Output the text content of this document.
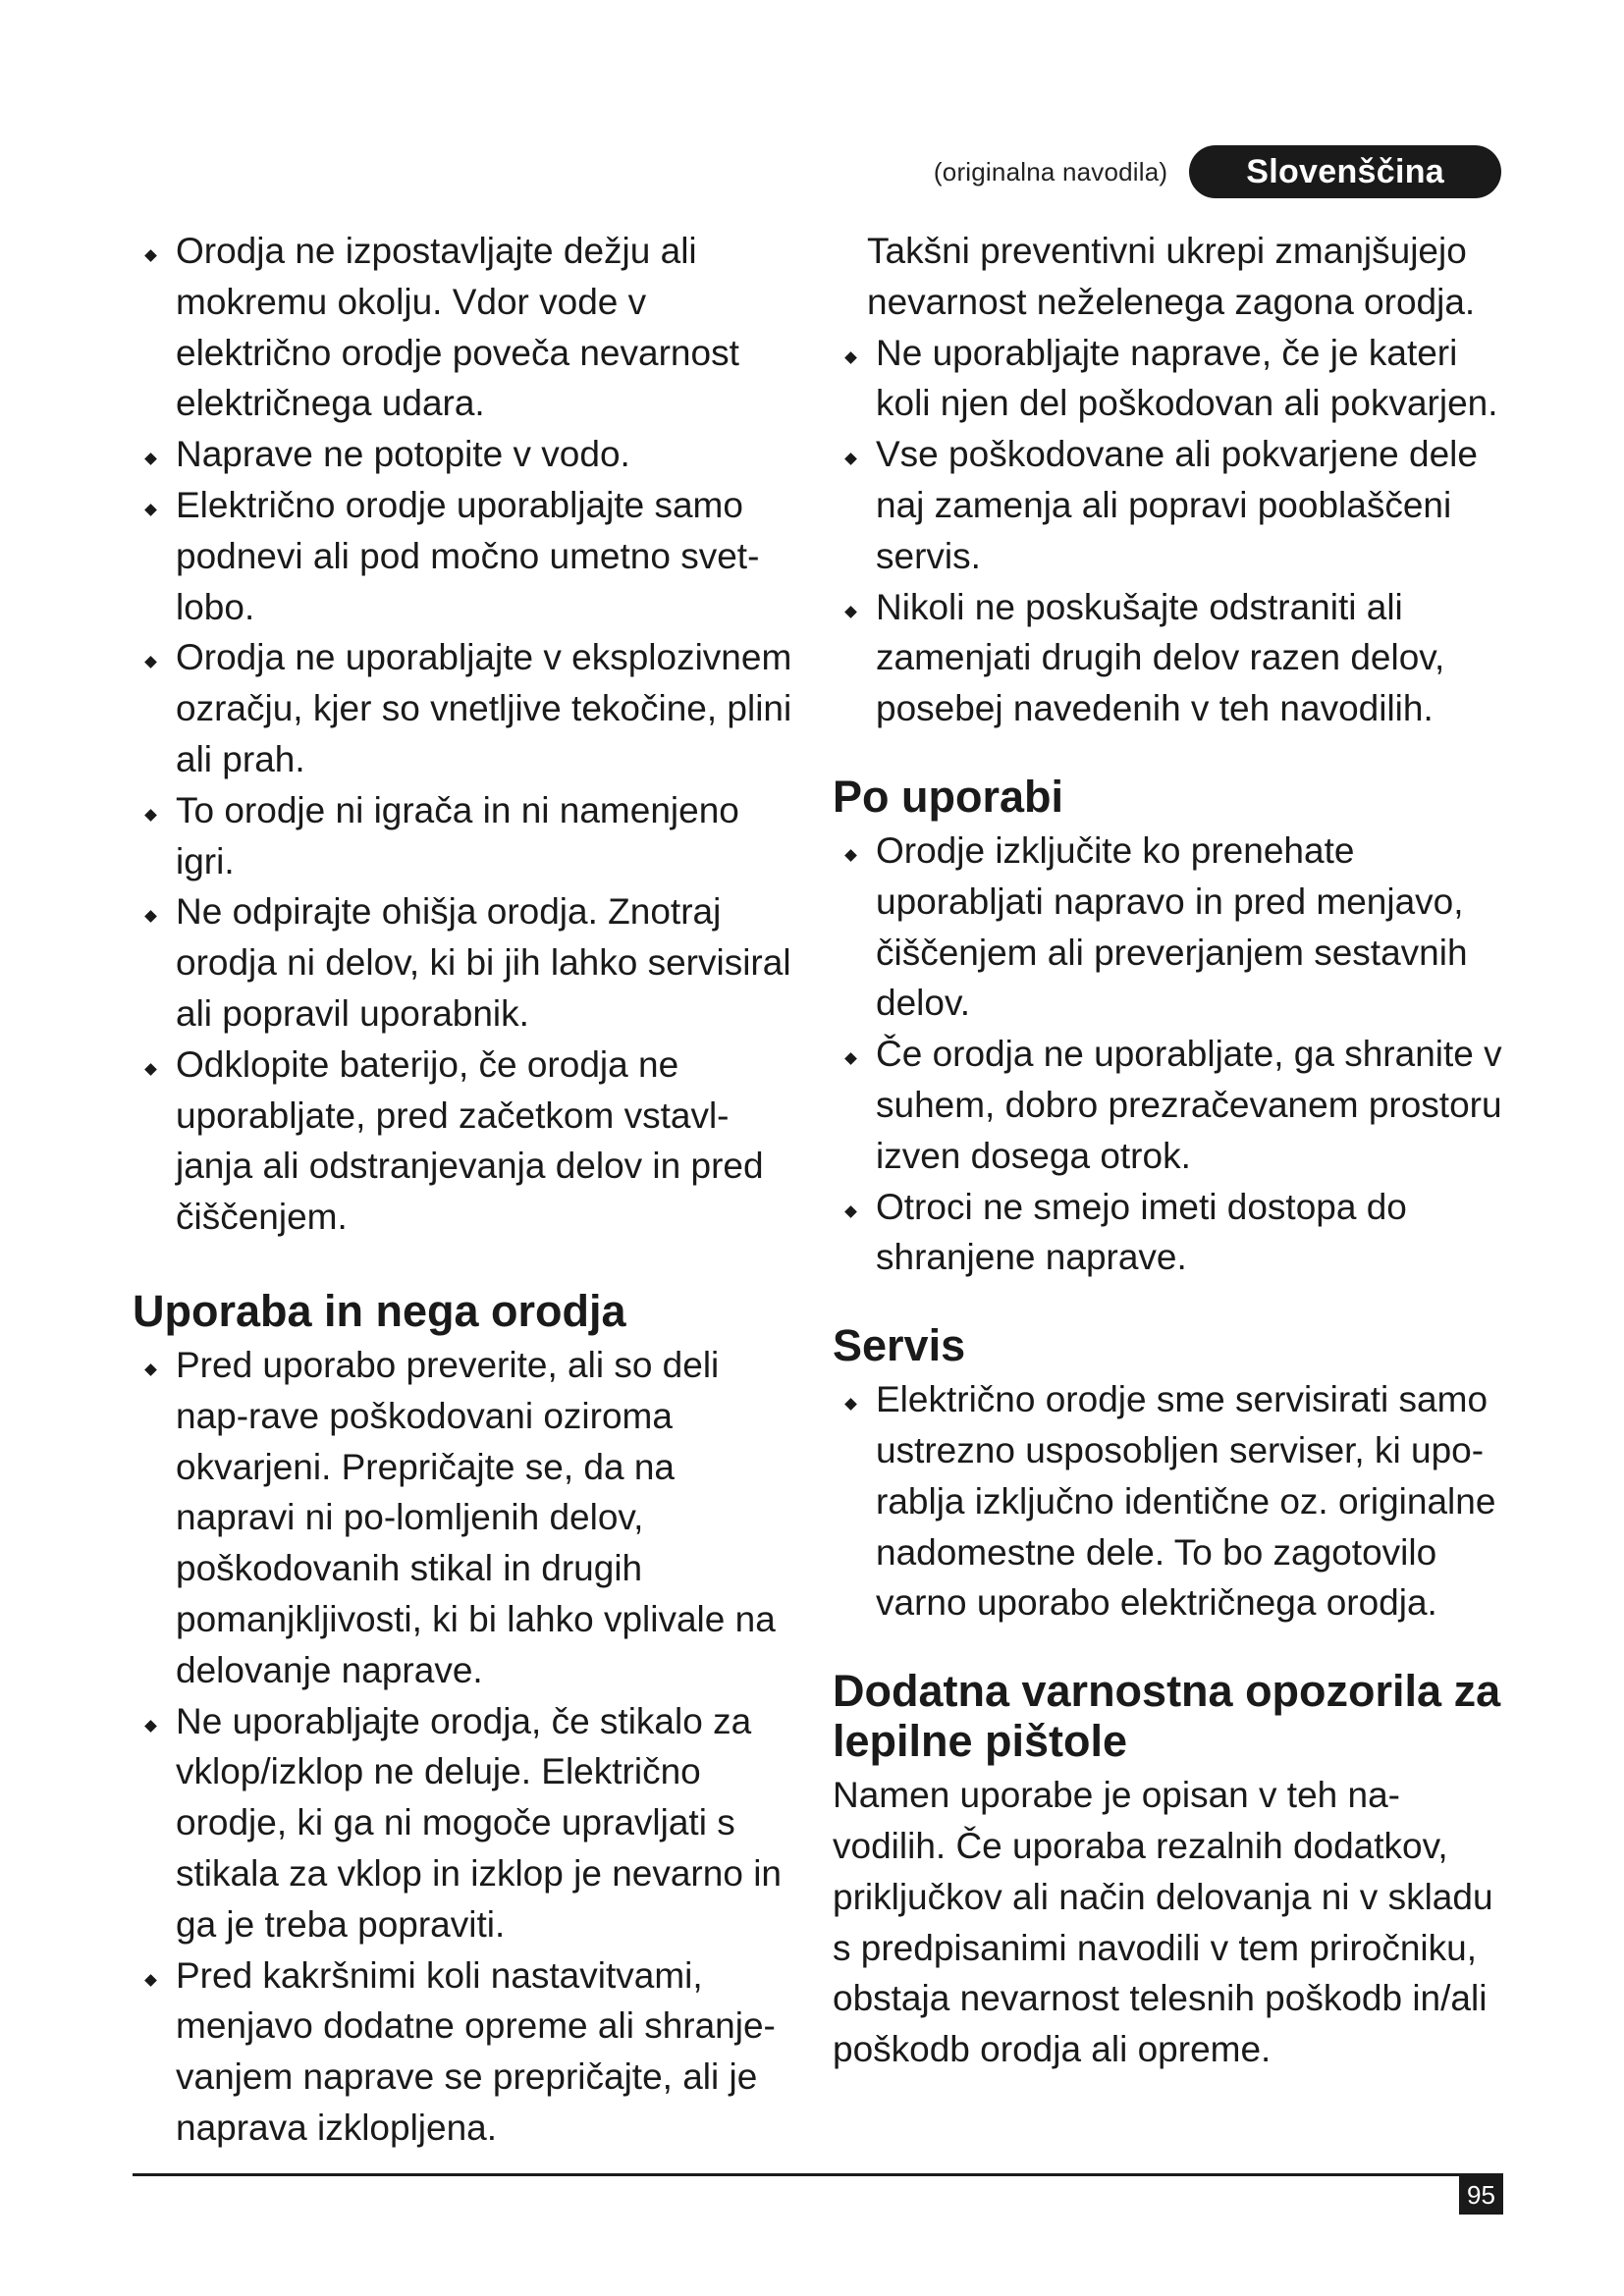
(originalna navodila)	Slovenščina

Orodja ne izpostavljajte dežju ali mokremu okolju. Vdor vode v električno orodje poveča nevarnost električnega udara.

Naprave ne potopite v vodo.

Električno orodje uporabljajte samo podnevi ali pod močno umetno svet-lobo.

Orodja ne uporabljajte v eksplozivnem ozračju, kjer so vnetljive tekočine, plini ali prah.

To orodje ni igrača in ni namenjeno igri.

Ne odpirajte ohišja orodja. Znotraj orodja ni delov, ki bi jih lahko servisiral ali popravil uporabnik.

Odklopite baterijo, če orodja ne uporabljate, pred začetkom vstavl-janja ali odstranjevanja delov in pred čiščenjem.

Uporaba in nega orodja

Pred uporabo preverite, ali so deli nap-rave poškodovani oziroma okvarjeni. Prepričajte se, da na napravi ni po-lomljenih delov, poškodovanih stikal in drugih pomanjkljivosti, ki bi lahko vplivale na delovanje naprave.

Ne uporabljajte orodja, če stikalo za vklop/izklop ne deluje. Električno orodje, ki ga ni mogoče upravljati s stikala za vklop in izklop je nevarno in ga je treba popraviti.

Pred kakršnimi koli nastavitvami, menjavo dodatne opreme ali shranje-vanjem naprave se prepričajte, ali je naprava izklopljena.

Takšni preventivni ukrepi zmanjšujejo nevarnost neželenega zagona orodja.

Ne uporabljajte naprave, če je kateri koli njen del poškodovan ali pokvarjen.

Vse poškodovane ali pokvarjene dele naj zamenja ali popravi pooblaščeni servis.

Nikoli ne poskušajte odstraniti ali zamenjati drugih delov razen delov, posebej navedenih v teh navodilih.

Po uporabi

Orodje izključite ko prenehate uporabljati napravo in pred menjavo, čiščenjem ali preverjanjem sestavnih delov.

Če orodja ne uporabljate, ga shranite v suhem, dobro prezračevanem prostoru izven dosega otrok.

Otroci ne smejo imeti dostopa do shranjene naprave.

Servis

Električno orodje sme servisirati samo ustrezno usposobljen serviser, ki upo-rablja izključno identične oz. originalne nadomestne dele. To bo zagotovilo varno uporabo električnega orodja.

Dodatna varnostna opozorila za lepilne pištole

Namen uporabe je opisan v teh na-vodilih. Če uporaba rezalnih dodatkov, priključkov ali način delovanja ni v skladu s predpisanimi navodili v tem priročniku, obstaja nevarnost telesnih poškodb in/ali poškodb orodja ali opreme.

95
